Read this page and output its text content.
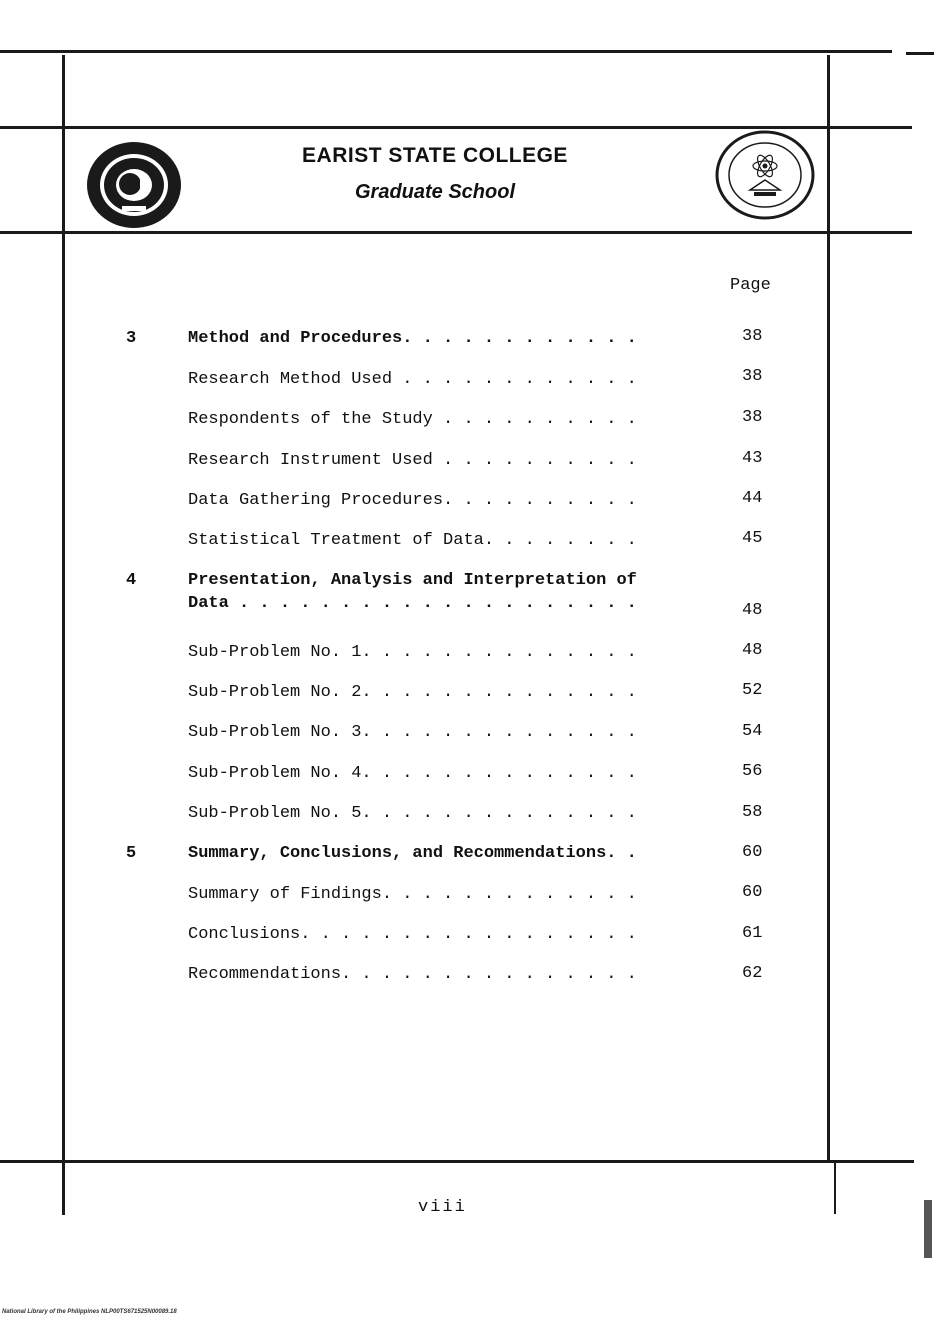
EARIST STATE COLLEGE
Graduate School
Page
3	Method and Procedures. . . . . . . . . . . .	38
Research Method Used . . . . . . . . . . . .	38
Respondents of the Study . . . . . . . . . .	38
Research Instrument Used . . . . . . . . . .	43
Data Gathering Procedures. . . . . . . . . .	44
Statistical Treatment of Data. . . . . . . .	45
4	Presentation, Analysis and Interpretation of
Data . . . . . . . . . . . . . . . . . . . .	48
Sub-Problem No. 1. . . . . . . . . . . . . .	48
Sub-Problem No. 2. . . . . . . . . . . . . .	52
Sub-Problem No. 3. . . . . . . . . . . . . .	54
Sub-Problem No. 4. . . . . . . . . . . . . .	56
Sub-Problem No. 5. . . . . . . . . . . . . .	58
5	Summary, Conclusions, and Recommendations. .	60
Summary of Findings. . . . . . . . . . . . .	60
Conclusions. . . . . . . . . . . . . . . . .	61
Recommendations. . . . . . . . . . . . . . .	62
viii
National Library of the Philippines NLP00TS671525N00089.18
